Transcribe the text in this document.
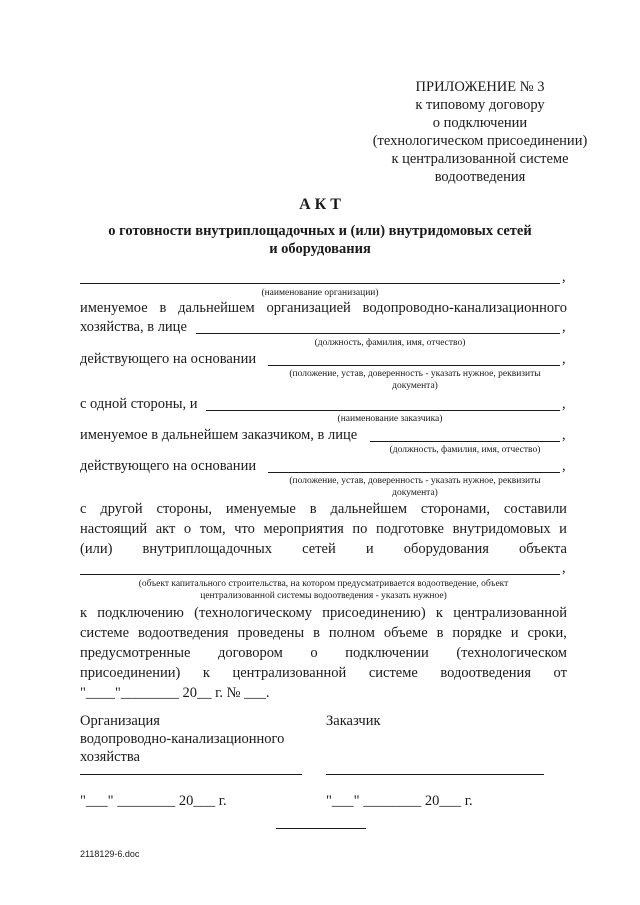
ПРИЛОЖЕНИЕ № 3
к типовому договору
о подключении
(технологическом присоединении)
к централизованной системе
водоотведения
А К Т
о готовности внутриплощадочных и (или) внутридомовых сетей
и оборудования
,
(наименование организации)
именуемое в дальнейшем организацией водопроводно-канализационного
хозяйства, в лице	,
(должность, фамилия, имя, отчество)
действующего на основании	,
(положение, устав, доверенность - указать нужное, реквизиты
документа)
с одной стороны, и	,
(наименование заказчика)
именуемое в дальнейшем заказчиком, в лице	,
(должность, фамилия, имя, отчество)
действующего на основании	,
(положение, устав, доверенность - указать нужное, реквизиты
документа)
с другой стороны, именуемые в дальнейшем сторонами, составили
настоящий акт о том, что мероприятия по подготовке внутридомовых и
(или) внутриплощадочных сетей и оборудования объекта
,
(объект капитального строительства, на котором предусматривается водоотведение, объект
централизованной системы водоотведения - указать нужное)
к подключению (технологическому присоединению) к централизованной
системе водоотведения проведены в полном объеме в порядке и сроки,
предусмотренные договором о подключении (технологическом
присоединении) к централизованной системе водоотведения от
"____"________ 20__ г. № ___.
Организация
водопроводно-канализационного
хозяйства
Заказчик
"___" ________ 20___ г.	"___" ________ 20___ г.
2118129-6.doc
